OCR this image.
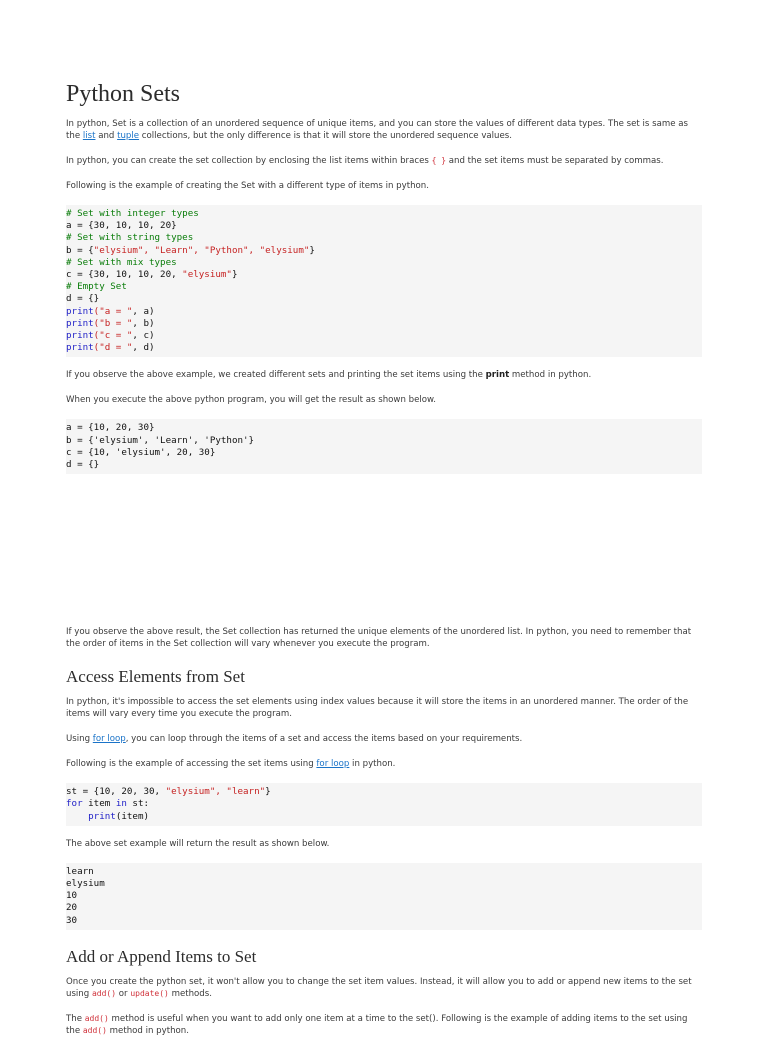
Python Sets

In python, Set is a collection of an unordered sequence of unique items, and you can store the values of different data types. The set is same as the list and tuple collections, but the only difference is that it will store the unordered sequence values.

In python, you can create the set collection by enclosing the list items within braces { } and the set items must be separated by commas.

Following is the example of creating the Set with a different type of items in python.

# Set with integer types
a = {30, 10, 10, 20}
# Set with string types
b = {"elysium", "Learn", "Python", "elysium"}
# Set with mix types
c = {30, 10, 10, 20, "elysium"}
# Empty Set
d = {}
print("a = ", a)
print("b = ", b)
print("c = ", c)
print("d = ", d)

If you observe the above example, we created different sets and printing the set items using the print method in python.

When you execute the above python program, you will get the result as shown below.

a = {10, 20, 30}
b = {'elysium', 'Learn', 'Python'}
c = {10, 'elysium', 20, 30}
d = {}

If you observe the above result, the Set collection has returned the unique elements of the unordered list. In python, you need to remember that the order of items in the Set collection will vary whenever you execute the program.

Access Elements from Set

In python, it's impossible to access the set elements using index values because it will store the items in an unordered manner. The order of the items will vary every time you execute the program.

Using for loop, you can loop through the items of a set and access the items based on your requirements.

Following is the example of accessing the set items using for loop in python.

st = {10, 20, 30, "elysium", "learn"}
for item in st:
print(item)

The above set example will return the result as shown below.

learn
elysium
10
20
30
Add or Append Items to Set

Once you create the python set, it won't allow you to change the set item values. Instead, it will allow you to add or append new items to the set using add() or update() methods.

The add() method is useful when you want to add only one item at a time to the set(). Following is the example of adding items to the set using the add() method in python.
